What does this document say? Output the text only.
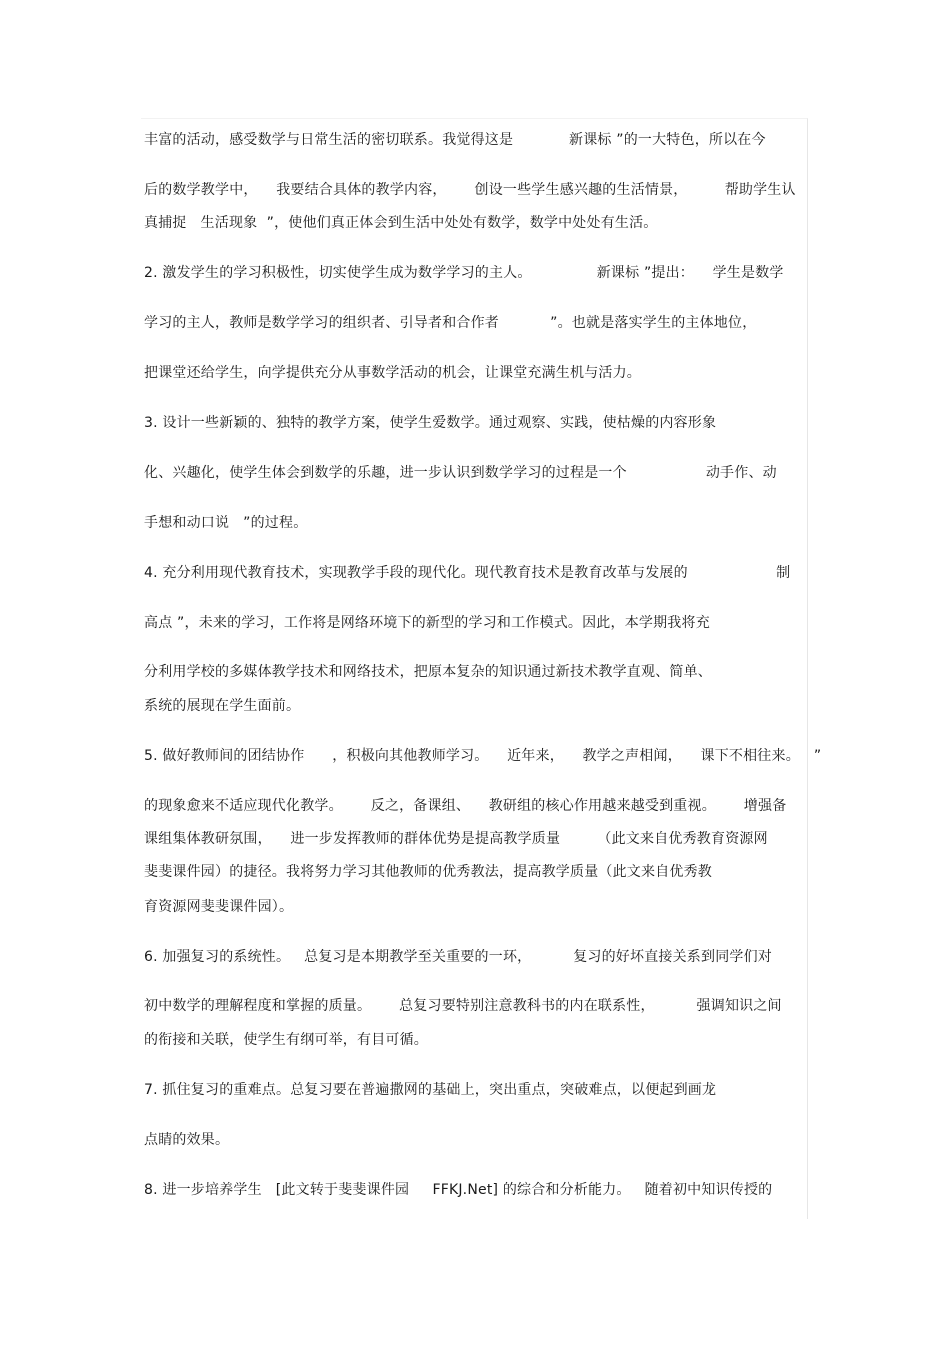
丰富的活动，感受数学与日常生活的密切联系。我觉得这是            新课标 ”的一大特色，所以在今
后的数学教学中，    我要结合具体的教学内容，      创设一些学生感兴趣的生活情景，        帮助学生认
真捕捉   生活现象  ”，使他们真正体会到生活中处处有数学，数学中处处有生活。
2. 激发学生的学习积极性，切实使学生成为数学学习的主人。              新课标 ”提出：    学生是数学
学习的主人，教师是数学学习的组织者、引导者和合作者           ”。也就是落实学生的主体地位，
把课堂还给学生，向学提供充分从事数学活动的机会，让课堂充满生机与活力。
3. 设计一些新颖的、独特的教学方案，使学生爱数学。通过观察、实践，使枯燥的内容形象
化、兴趣化，使学生体会到数学的乐趣，进一步认识到数学学习的过程是一个                 动手作、动
手想和动口说   ”的过程。
4. 充分利用现代教育技术，实现教学手段的现代化。现代教育技术是教育改革与发展的                   制
高点 ”，未来的学习，工作将是网络环境下的新型的学习和工作模式。因此，本学期我将充
分利用学校的多媒体教学技术和网络技术，把原本复杂的知识通过新技术教学直观、简单、
系统的展现在学生面前。
5. 做好教师间的团结协作      ，积极向其他教师学习。    近年来，    教学之声相闻，    课下不相往来。   ”
的现象愈来不适应现代化教学。      反之，备课组、    教研组的核心作用越来越受到重视。      增强备
课组集体教研氛围，    进一步发挥教师的群体优势是提高教学质量        （此文来自优秀教育资源网
斐斐课件园）的捷径。我将努力学习其他教师的优秀教法，提高教学质量（此文来自优秀教
育资源网斐斐课件园）。
6. 加强复习的系统性。   总复习是本期教学至关重要的一环，         复习的好坏直接关系到同学们对
初中数学的理解程度和掌握的质量。      总复习要特别注意教科书的内在联系性，         强调知识之间
的衔接和关联，使学生有纲可举，有目可循。
7. 抓住复习的重难点。总复习要在普遍撒网的基础上，突出重点，突破难点，以便起到画龙
点睛的效果。
8. 进一步培养学生   [此文转于斐斐课件园     FFKJ.Net] 的综合和分析能力。   随着初中知识传授的
